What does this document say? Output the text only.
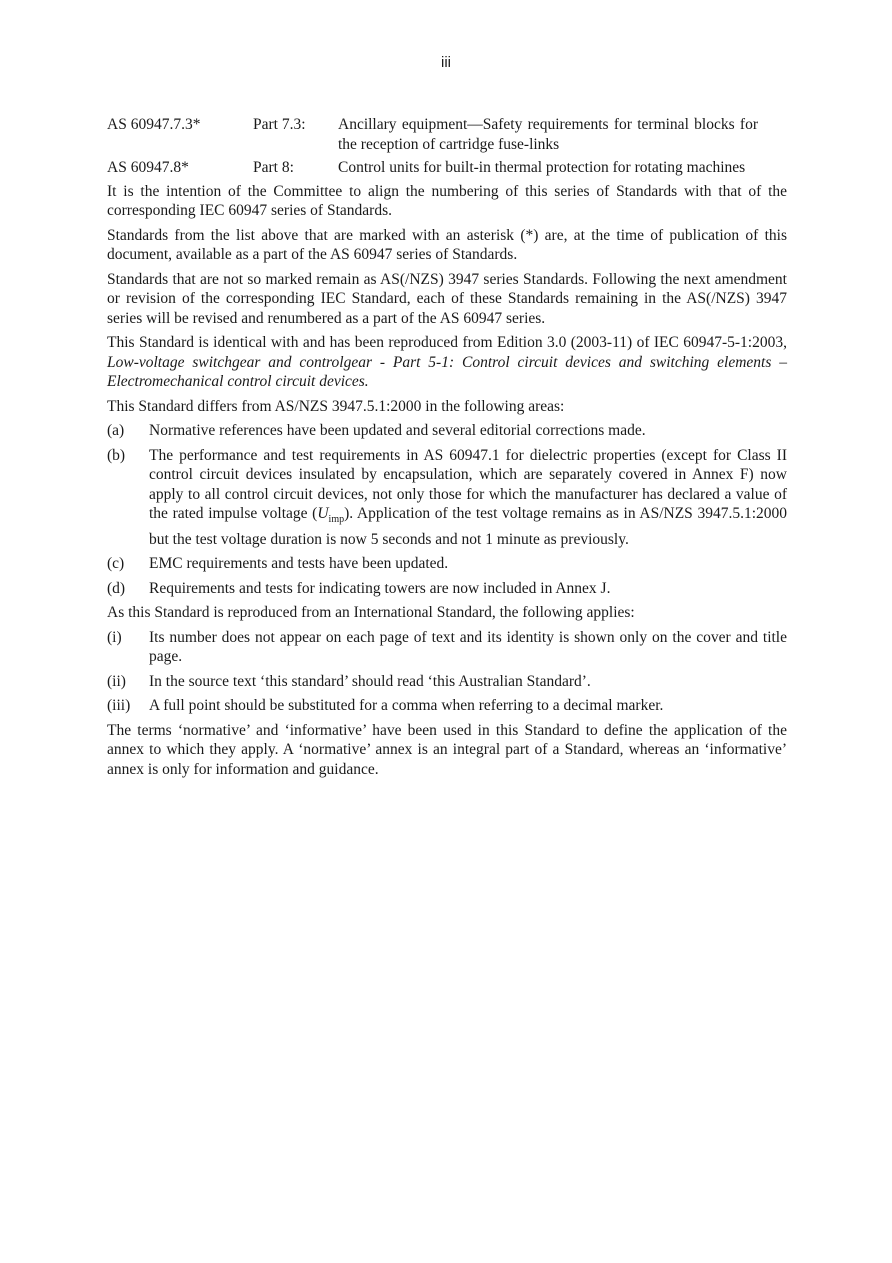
iii
AS 60947.7.3*	Part 7.3:	Ancillary equipment—Safety requirements for terminal blocks for the reception of cartridge fuse-links
AS 60947.8*	Part 8:	Control units for built-in thermal protection for rotating machines

It is the intention of the Committee to align the numbering of this series of Standards with that of the corresponding IEC 60947 series of Standards.

Standards from the list above that are marked with an asterisk (*) are, at the time of publication of this document, available as a part of the AS 60947 series of Standards.

Standards that are not so marked remain as AS(/NZS) 3947 series Standards. Following the next amendment or revision of the corresponding IEC Standard, each of these Standards remaining in the AS(/NZS) 3947 series will be revised and renumbered as a part of the AS 60947 series.

This Standard is identical with and has been reproduced from Edition 3.0 (2003-11) of IEC 60947-5-1:2003, Low-voltage switchgear and controlgear - Part 5-1: Control circuit devices and switching elements – Electromechanical control circuit devices.

This Standard differs from AS/NZS 3947.5.1:2000 in the following areas:

(a)	Normative references have been updated and several editorial corrections made.
(b)	The performance and test requirements in AS 60947.1 for dielectric properties (except for Class II control circuit devices insulated by encapsulation, which are separately covered in Annex F) now apply to all control circuit devices, not only those for which the manufacturer has declared a value of the rated impulse voltage $(U_{imp})$. Application of the test voltage remains as in AS/NZS 3947.5.1:2000 but the test voltage duration is now 5 seconds and not 1 minute as previously.
(c)	EMC requirements and tests have been updated.
(d)	Requirements and tests for indicating towers are now included in Annex J.

As this Standard is reproduced from an International Standard, the following applies:

(i)	Its number does not appear on each page of text and its identity is shown only on the cover and title page.
(ii)	In the source text ‘this standard’ should read ‘this Australian Standard’.
(iii)	A full point should be substituted for a comma when referring to a decimal marker.

The terms ‘normative’ and ‘informative’ have been used in this Standard to define the application of the annex to which they apply. A ‘normative’ annex is an integral part of a Standard, whereas an ‘informative’ annex is only for information and guidance.
